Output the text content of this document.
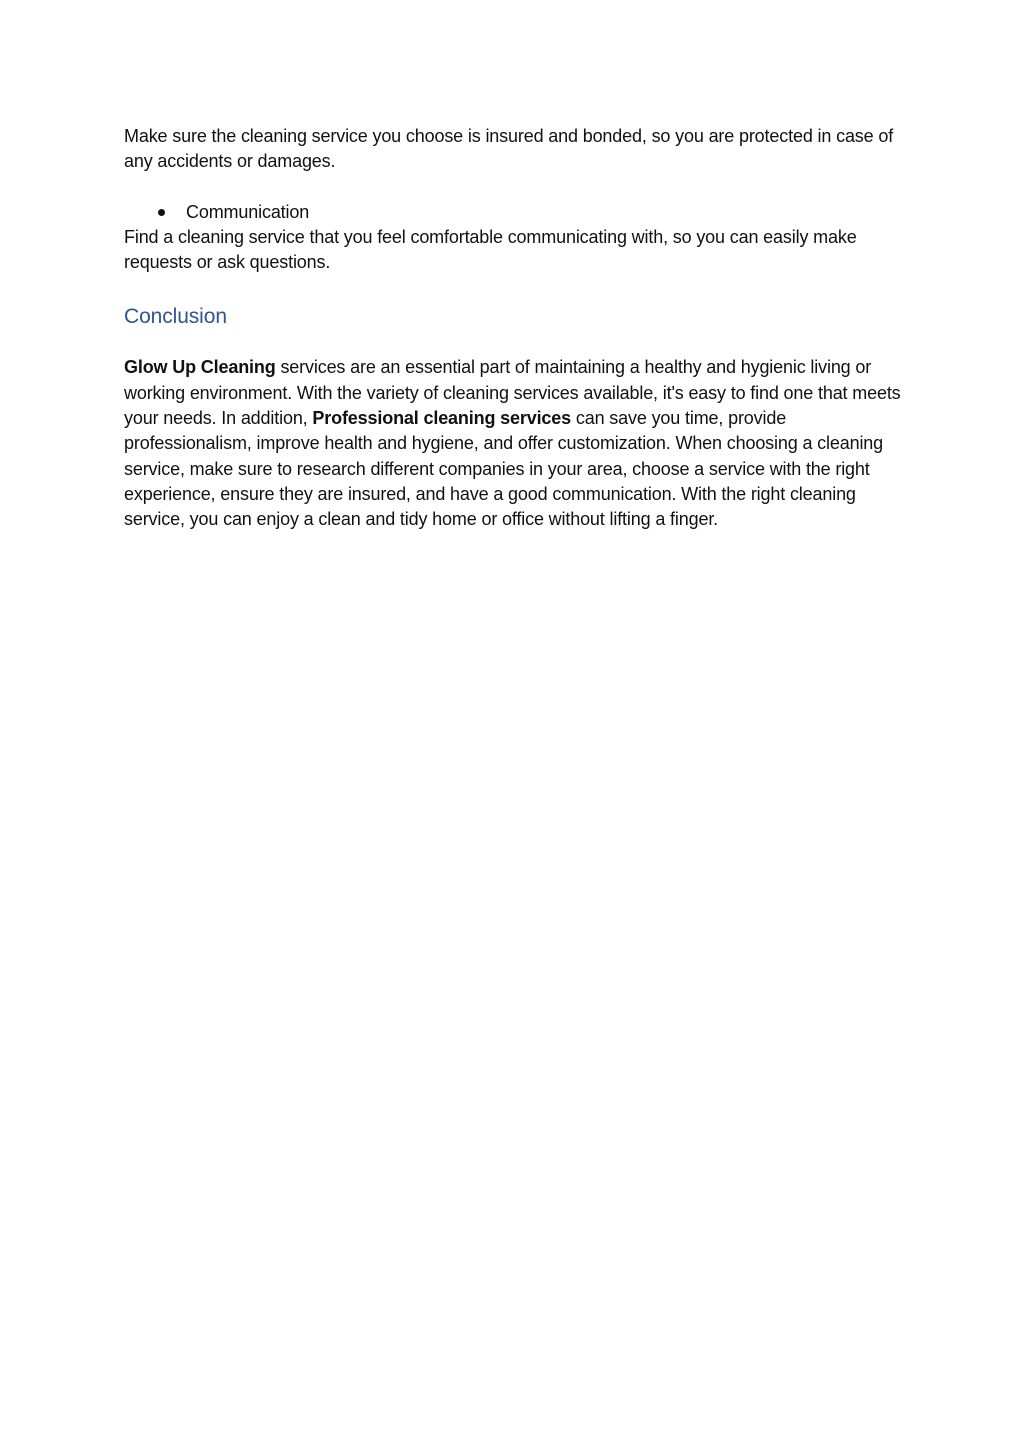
Make sure the cleaning service you choose is insured and bonded, so you are protected in case of any accidents or damages.

Communication

Find a cleaning service that you feel comfortable communicating with, so you can easily make requests or ask questions.

Conclusion

Glow Up Cleaning services are an essential part of maintaining a healthy and hygienic living or working environment. With the variety of cleaning services available, it's easy to find one that meets your needs. In addition, Professional cleaning services can save you time, provide professionalism, improve health and hygiene, and offer customization. When choosing a cleaning service, make sure to research different companies in your area, choose a service with the right experience, ensure they are insured, and have a good communication. With the right cleaning service, you can enjoy a clean and tidy home or office without lifting a finger.
